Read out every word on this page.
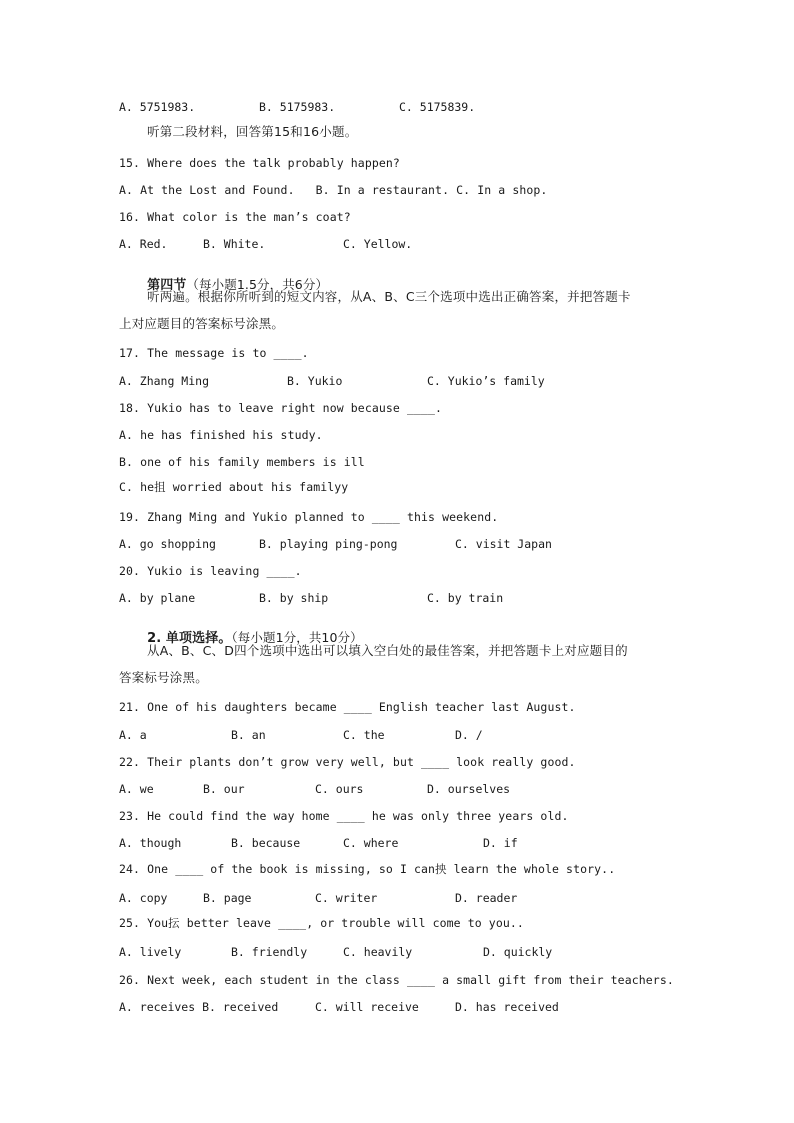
A. 5751983.	B. 5175983.	C. 5175839.
听第二段材料，回答第15和16小题。
15. Where does the talk probably happen?
A. At the Lost and Found.   B. In a restaurant. C. In a shop.
16. What color is the man’s coat?
A. Red.	B. White.	C. Yellow.

第四节（每小题1.5分，共6分）

听两遍。根据你所听到的短文内容，从A、B、C三个选项中选出正确答案，并把答题卡
上对应题目的答案标号涂黑。
17. The message is to ____.
A. Zhang Ming	B. Yukio	C. Yukio’s family
18. Yukio has to leave right now because ____.
A. he has finished his study.
B. one of his family members is ill
C. he抯 worried about his familyy
19. Zhang Ming and Yukio planned to ____ this weekend.
A. go shopping	B. playing ping-pong	C. visit Japan
20. Yukio is leaving ____.
A. by plane	B. by ship	C. by train

2. 单项选择。（每小题1分，共10分）

从A、B、C、D四个选项中选出可以填入空白处的最佳答案，并把答题卡上对应题目的
答案标号涂黑。
21. One of his daughters became ____ English teacher last August.
A. a	B. an	C. the	D. /
22. Their plants don’t grow very well, but ____ look really good.
A. we	B. our	C. ours	D. ourselves
23. He could find the way home ____ he was only three years old.
A. though	B. because	C. where	D. if
24. One ____ of the book is missing, so I can抰 learn the whole story..
A. copy	B. page	C. writer	D. reader
25. You抎 better leave ____, or trouble will come to you..
A. lively	B. friendly	C. heavily	D. quickly
26. Next week, each student in the class ____ a small gift from their teachers.
A. receives B. received	C. will receive	D. has received
